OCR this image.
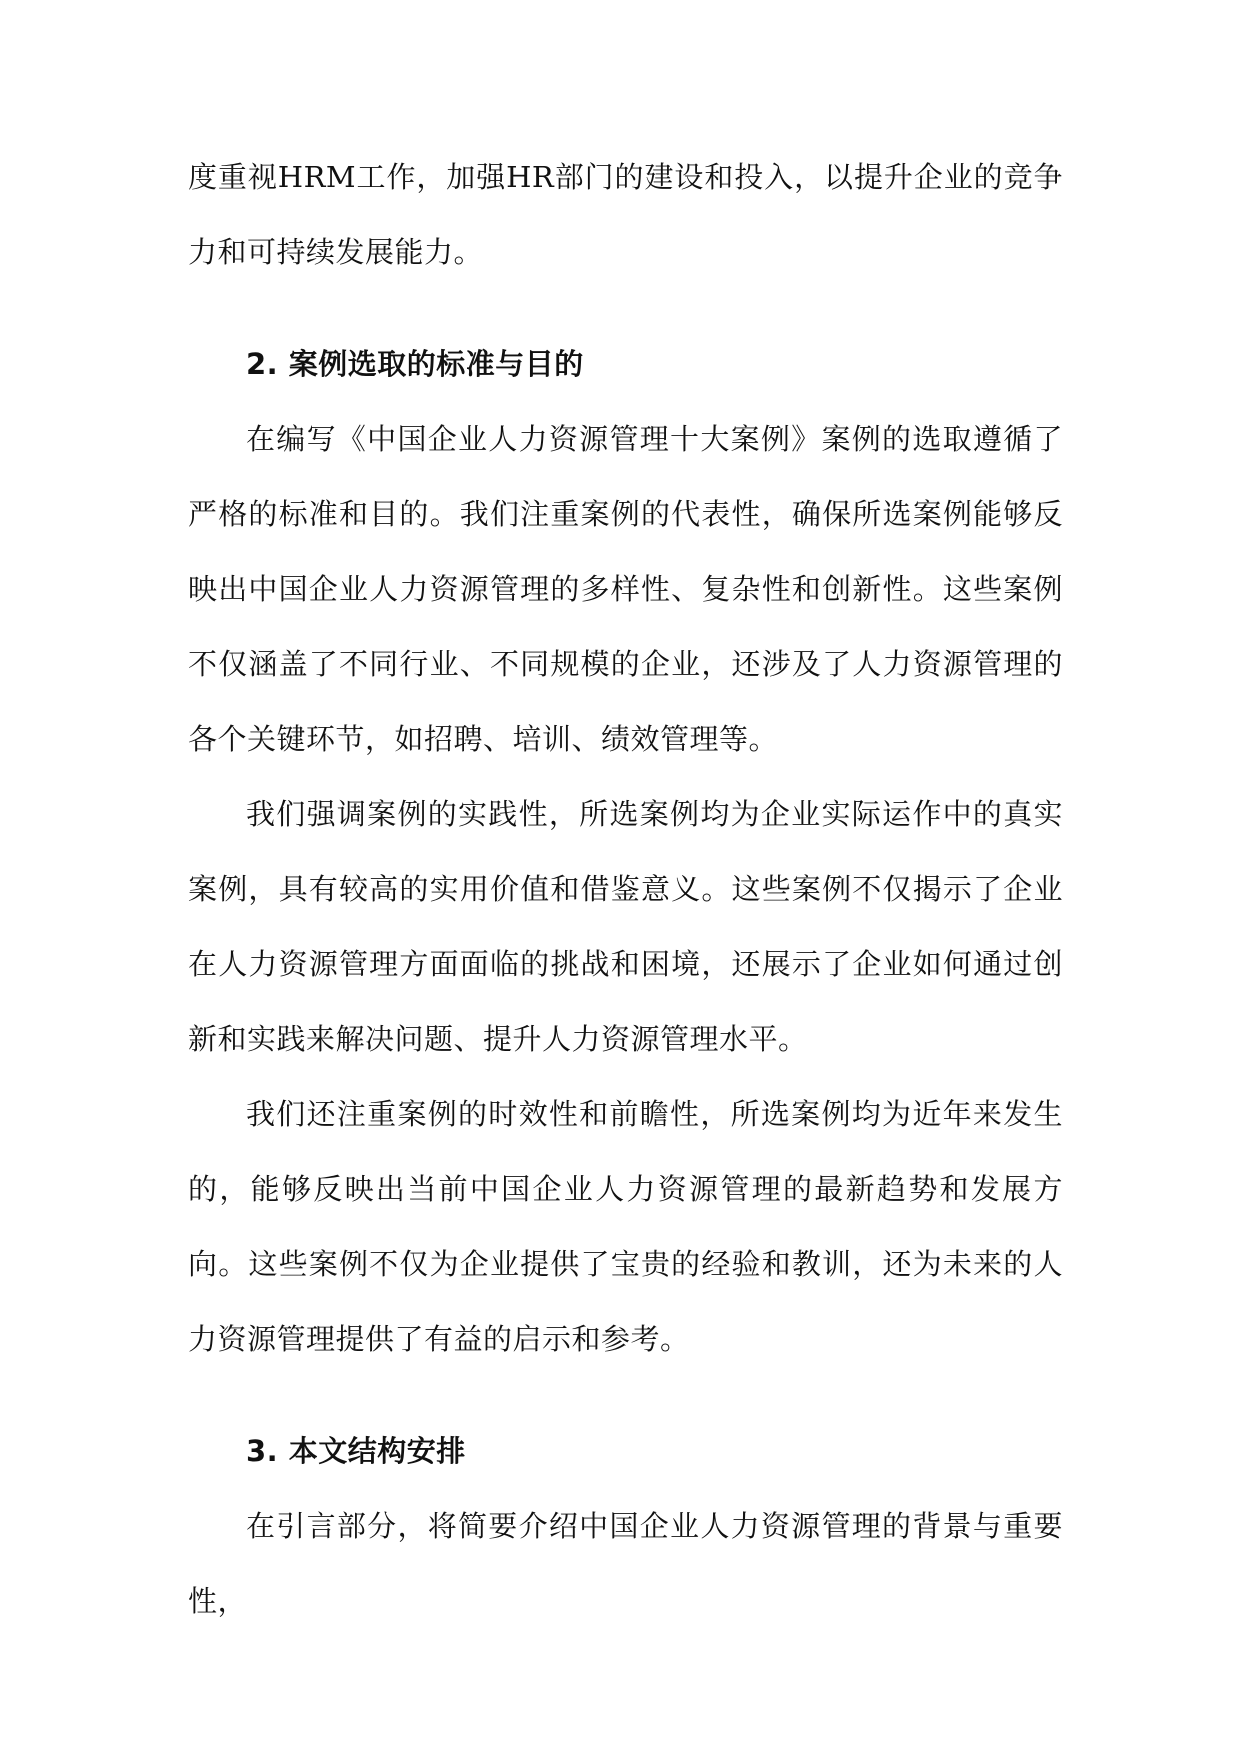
度重视HRM工作，加强HR部门的建设和投入，以提升企业的竞争力和可持续发展能力。

2. 案例选取的标准与目的

在编写《中国企业人力资源管理十大案例》案例的选取遵循了严格的标准和目的。我们注重案例的代表性，确保所选案例能够反映出中国企业人力资源管理的多样性、复杂性和创新性。这些案例不仅涵盖了不同行业、不同规模的企业，还涉及了人力资源管理的各个关键环节，如招聘、培训、绩效管理等。

我们强调案例的实践性，所选案例均为企业实际运作中的真实案例，具有较高的实用价值和借鉴意义。这些案例不仅揭示了企业在人力资源管理方面面临的挑战和困境，还展示了企业如何通过创新和实践来解决问题、提升人力资源管理水平。

我们还注重案例的时效性和前瞻性，所选案例均为近年来发生的，能够反映出当前中国企业人力资源管理的最新趋势和发展方向。这些案例不仅为企业提供了宝贵的经验和教训，还为未来的人力资源管理提供了有益的启示和参考。

3. 本文结构安排

在引言部分，将简要介绍中国企业人力资源管理的背景与重要性，
